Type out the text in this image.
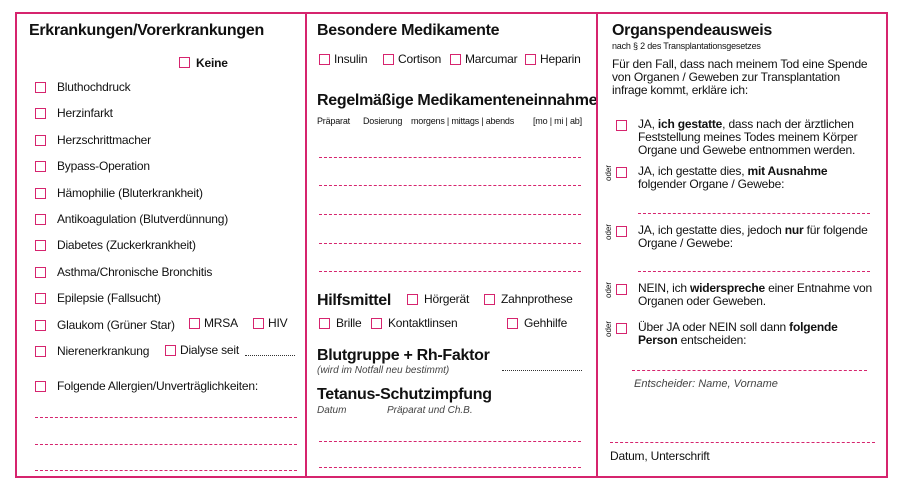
Erkrankungen/Vorerkrankungen
Keine
MRSA	HIV
Dialyse seit
Folgende Allergien/Unverträglichkeiten:
Bluthochdruck
Herzinfarkt
Herzschrittmacher
Bypass-Operation
Hämophilie (Bluterkrankheit)
Antikoagulation (Blutverdünnung)
Diabetes (Zuckerkrankheit)
Asthma/Chronische Bronchitis
Epilepsie (Fallsucht)
Glaukom (Grüner Star)
Nierenerkrankung
Besondere Medikamente
Regelmäßige Medikamenteneinnahme
Präparat Dosierung morgens | mittags | abends [mo | mi | ab]
Hilfsmittel
Blutgruppe + Rh-Faktor
(wird im Notfall neu bestimmt)
Tetanus-Schutzimpfung
Datum	Präparat und Ch.B.
Insulin	Cortison Marcumar Heparin
Hörgerät	Zahnprothese
Brille Kontaktlinsen	Gehhilfe
Organspendeausweis
nach § 2 des Transplantationsgesetzes
Für den Fall, dass nach meinem Tod eine Spende von Organen / Geweben zur Transplantation infrage kommt, erkläre ich:
Entscheider: Name, Vorname
Datum, Unterschrift
JA, ich gestatte, dass nach der ärztlichen Feststellung meines Todes meinem Körper Organe und Gewebe entnommen werden.
JA, ich gestatte dies, mit Ausnahme folgender Organe / Gewebe:
oder
JA, ich gestatte dies, jedoch nur für folgende Organe / Gewebe:
oder
NEIN, ich widerspreche einer Entnahme von Organen oder Geweben.
oder
Über JA oder NEIN soll dann folgende Person entscheiden:
oder
